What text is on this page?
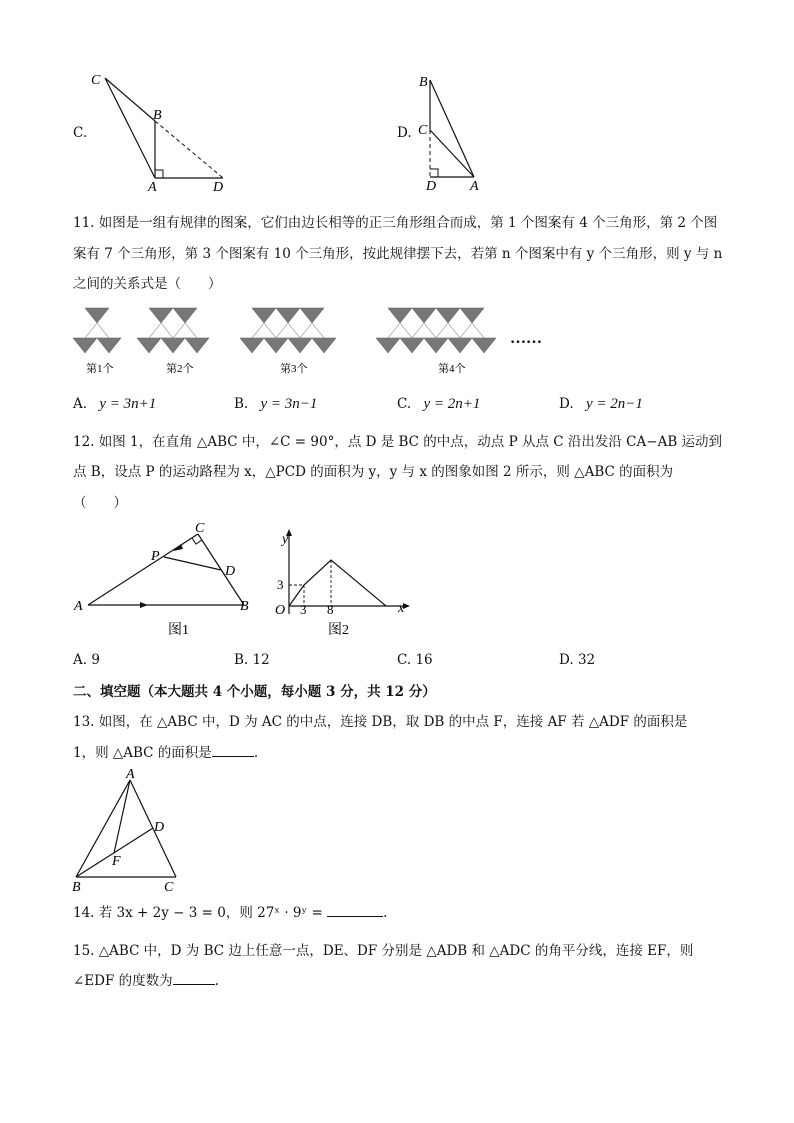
C.
C
B
A	D
D.
B
C
D A
11. 如图是一组有规律的图案，它们由边长相等的正三角形组合而成，第 1 个图案有 4 个三角形，第 2 个图
案有 7 个三角形，第 3 个图案有 10 个三角形，按此规律摆下去，若第 n 个图案中有 y 个三角形，则 y 与 n
之间的关系式是（　　）
……
第1个	第2个	第3个	第4个
A. y = 3n+1	B. y = 3n−1	C. y = 2n+1	D. y = 2n−1
12. 如图 1，在直角 △ABC 中，∠C = 90°，点 D 是 BC 的中点，动点 P 从点 C 沿出发沿 CA−AB 运动到
点 B，设点 P 的运动路程为 x，△PCD 的面积为 y，y 与 x 的图象如图 2 所示，则 △ABC 的面积为
（　　）
C
P
D
A	B
图1
y
x
O
3
3 8
图2
A. 9	B. 12	C. 16	D. 32
二、填空题（本大题共 4 个小题，每小题 3 分，共 12 分）
13. 如图，在 △ABC 中，D 为 AC 的中点，连接 DB，取 DB 的中点 F，连接 AF 若 △ADF 的面积是
1，则 △ABC 的面积是	.
A
D
F
B	C
14. 若 3x + 2y − 3 = 0，则 27ˣ · 9ʸ =	.
15. △ABC 中，D 为 BC 边上任意一点，DE、DF 分别是 △ADB 和 △ADC 的角平分线，连接 EF，则
∠EDF 的度数为	.
